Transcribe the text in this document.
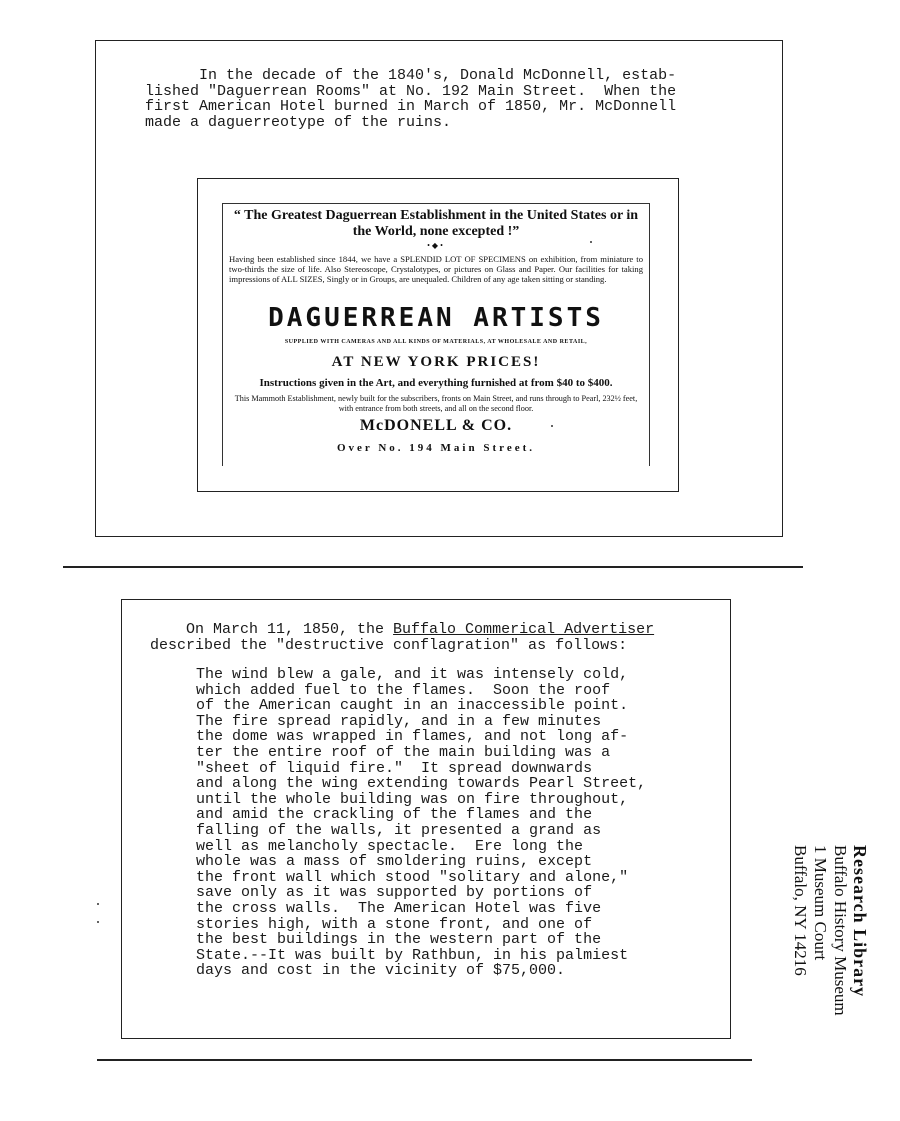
In the decade of the 1840's, Donald McDonnell, estab-
lished "Daguerrean Rooms" at No. 192 Main Street.  When the
first American Hotel burned in March of 1850, Mr. McDonnell
made a daguerreotype of the ruins.

“ The Greatest Daguerrean Establishment in the United States or in the World, none excepted !”
•◆•
Having been established since 1844, we have a SPLENDID LOT OF SPECIMENS on exhibition, from miniature to two-thirds the size of life. Also Stereoscope, Crystalotypes, or pictures on Glass and Paper. Our facilities for taking impressions of ALL SIZES, Singly or in Groups, are unequaled. Children of any age taken sitting or standing.
DAGUERREAN ARTISTS
SUPPLIED WITH CAMERAS AND ALL KINDS OF MATERIALS, AT WHOLESALE AND RETAIL,
AT NEW YORK PRICES!
Instructions given in the Art, and everything furnished at from $40 to $400.
This Mammoth Establishment, newly built for the subscribers, fronts on Main Street, and runs through to Pearl, 232½ feet, with entrance from both streets, and all on the second floor.
McDONELL & CO.
Over No. 194 Main Street.

On March 11, 1850, the Buffalo Commerical Advertiser
described the "destructive conflagration" as follows:

The wind blew a gale, and it was intensely cold,
which added fuel to the flames.  Soon the roof
of the American caught in an inaccessible point.
The fire spread rapidly, and in a few minutes
the dome was wrapped in flames, and not long af-
ter the entire roof of the main building was a
"sheet of liquid fire."  It spread downwards
and along the wing extending towards Pearl Street,
until the whole building was on fire throughout,
and amid the crackling of the flames and the
falling of the walls, it presented a grand as
well as melancholy spectacle.  Ere long the
whole was a mass of smoldering ruins, except
the front wall which stood "solitary and alone,"
save only as it was supported by portions of
the cross walls.  The American Hotel was five
stories high, with a stone front, and one of
the best buildings in the western part of the
State.--It was built by Rathbun, in his palmiest
days and cost in the vicinity of $75,000.	Research Library
Buffalo History Museum
1 Museum Court
Buffalo, NY 14216
